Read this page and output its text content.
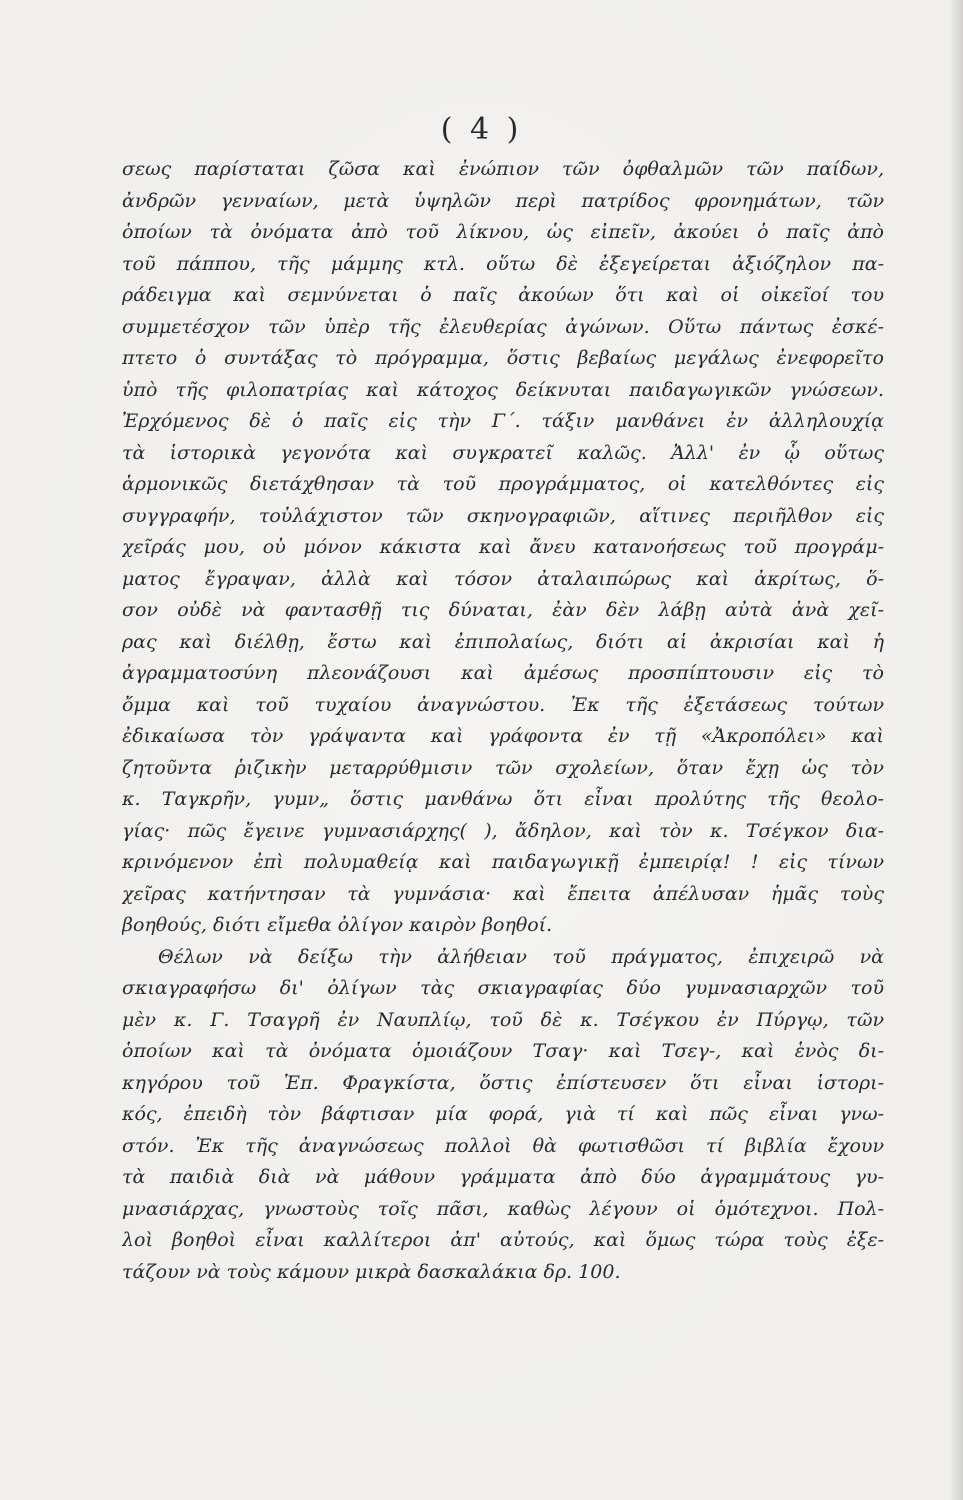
( 4 )
σεως παρίσταται ζῶσα καὶ ἐνώπιον τῶν ὀφθαλμῶν τῶν παίδων,
ἀνδρῶν γενναίων, μετὰ ὑψηλῶν περὶ πατρίδος φρονημάτων, τῶν
ὁποίων τὰ ὀνόματα ἀπὸ τοῦ λίκνου, ὡς εἰπεῖν, ἀκούει ὁ παῖς ἀπὸ
τοῦ πάππου, τῆς μάμμης κτλ. οὕτω δὲ ἐξεγείρεται ἀξιόζηλον πα-
ράδειγμα καὶ σεμνύνεται ὁ παῖς ἀκούων ὅτι καὶ οἱ οἰκεῖοί του
συμμετέσχον τῶν ὑπὲρ τῆς ἐλευθερίας ἀγώνων. Οὕτω πάντως ἐσκέ-
πτετο ὁ συντάξας τὸ πρόγραμμα, ὅστις βεβαίως μεγάλως ἐνεφορεῖτο
ὑπὸ τῆς φιλοπατρίας καὶ κάτοχος δείκνυται παιδαγωγικῶν γνώσεων.
Ἐρχόμενος δὲ ὁ παῖς εἰς τὴν Γ΄. τάξιν μανθάνει ἐν ἀλληλουχίᾳ
τὰ ἱστορικὰ γεγονότα καὶ συγκρατεῖ καλῶς. Ἀλλ' ἐν ᾧ οὕτως
ἁρμονικῶς διετάχθησαν τὰ τοῦ προγράμματος, οἱ κατελθόντες εἰς
συγγραφήν, τοὐλάχιστον τῶν σκηνογραφιῶν, αἵτινες περιῆλθον εἰς
χεῖράς μου, οὐ μόνον κάκιστα καὶ ἄνευ κατανοήσεως τοῦ προγράμ-
ματος ἔγραψαν, ἀλλὰ καὶ τόσον ἀταλαιπώρως καὶ ἀκρίτως, ὅ-
σον οὐδὲ νὰ φαντασθῇ τις δύναται, ἐὰν δὲν λάβῃ αὐτὰ ἀνὰ χεῖ-
ρας καὶ διέλθῃ, ἔστω καὶ ἐπιπολαίως, διότι αἱ ἀκρισίαι καὶ ἡ
ἀγραμματοσύνη πλεονάζουσι καὶ ἀμέσως προσπίπτουσιν εἰς τὸ
ὄμμα καὶ τοῦ τυχαίου ἀναγνώστου. Ἐκ τῆς ἐξετάσεως τούτων
ἐδικαίωσα τὸν γράψαντα καὶ γράφοντα ἐν τῇ «Ἀκροπόλει» καὶ
ζητοῦντα ῥιζικὴν μεταρρύθμισιν τῶν σχολείων, ὅταν ἔχῃ ὡς τὸν
κ. Ταγκρῆν, γυμν„ ὅστις μανθάνω ὅτι εἶναι προλύτης τῆς θεολο-
γίας· πῶς ἔγεινε γυμνασιάρχης( ), ἄδηλον, καὶ τὸν κ. Τσέγκον δια-
κρινόμενον ἐπὶ πολυμαθείᾳ καὶ παιδαγωγικῇ ἐμπειρίᾳ! ! εἰς τίνων
χεῖρας κατήντησαν τὰ γυμνάσια· καὶ ἔπειτα ἀπέλυσαν ἡμᾶς τοὺς
βοηθούς, διότι εἴμεθα ὀλίγον καιρὸν βοηθοί.
Θέλων νὰ δείξω τὴν ἀλήθειαν τοῦ πράγματος, ἐπιχειρῶ νὰ
σκιαγραφήσω δι' ὀλίγων τὰς σκιαγραφίας δύο γυμνασιαρχῶν τοῦ
μὲν κ. Γ. Τσαγρῆ ἐν Ναυπλίῳ, τοῦ δὲ κ. Τσέγκου ἐν Πύργῳ, τῶν
ὁποίων καὶ τὰ ὀνόματα ὁμοιάζουν Τσαγ· καὶ Τσεγ-, καὶ ἑνὸς δι-
κηγόρου τοῦ Ἐπ. Φραγκίστα, ὅστις ἐπίστευσεν ὅτι εἶναι ἱστορι-
κός, ἐπειδὴ τὸν βάφτισαν μία φορά, γιὰ τί καὶ πῶς εἶναι γνω-
στόν. Ἐκ τῆς ἀναγνώσεως πολλοὶ θὰ φωτισθῶσι τί βιβλία ἔχουν
τὰ παιδιὰ διὰ νὰ μάθουν γράμματα ἀπὸ δύο ἀγραμμάτους γυ-
μνασιάρχας, γνωστοὺς τοῖς πᾶσι, καθὼς λέγουν οἱ ὁμότεχνοι. Πολ-
λοὶ βοηθοὶ εἶναι καλλίτεροι ἀπ' αὐτούς, καὶ ὅμως τώρα τοὺς ἐξε-
τάζουν νὰ τοὺς κάμουν μικρὰ δασκαλάκια δρ. 100.
